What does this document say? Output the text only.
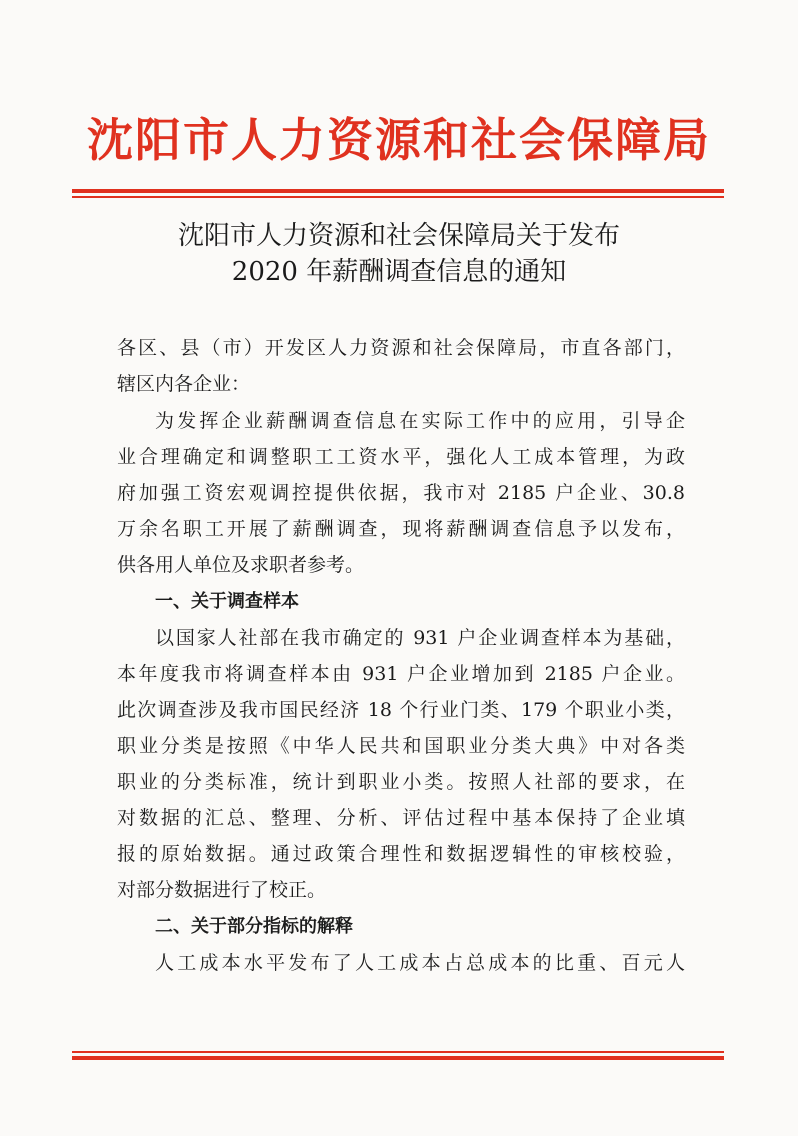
沈阳市人力资源和社会保障局
沈阳市人力资源和社会保障局关于发布
2020 年薪酬调查信息的通知
各区、县（市）开发区人力资源和社会保障局，市直各部门，
辖区内各企业：
为发挥企业薪酬调查信息在实际工作中的应用，引导企
业合理确定和调整职工工资水平，强化人工成本管理，为政
府加强工资宏观调控提供依据，我市对 2185 户企业、30.8
万余名职工开展了薪酬调查，现将薪酬调查信息予以发布，
供各用人单位及求职者参考。
一、关于调查样本
以国家人社部在我市确定的 931 户企业调查样本为基础，
本年度我市将调查样本由 931 户企业增加到 2185 户企业。
此次调查涉及我市国民经济 18 个行业门类、179 个职业小类，
职业分类是按照《中华人民共和国职业分类大典》中对各类
职业的分类标准，统计到职业小类。按照人社部的要求，在
对数据的汇总、整理、分析、评估过程中基本保持了企业填
报的原始数据。通过政策合理性和数据逻辑性的审核校验，
对部分数据进行了校正。
二、关于部分指标的解释
人工成本水平发布了人工成本占总成本的比重、百元人
